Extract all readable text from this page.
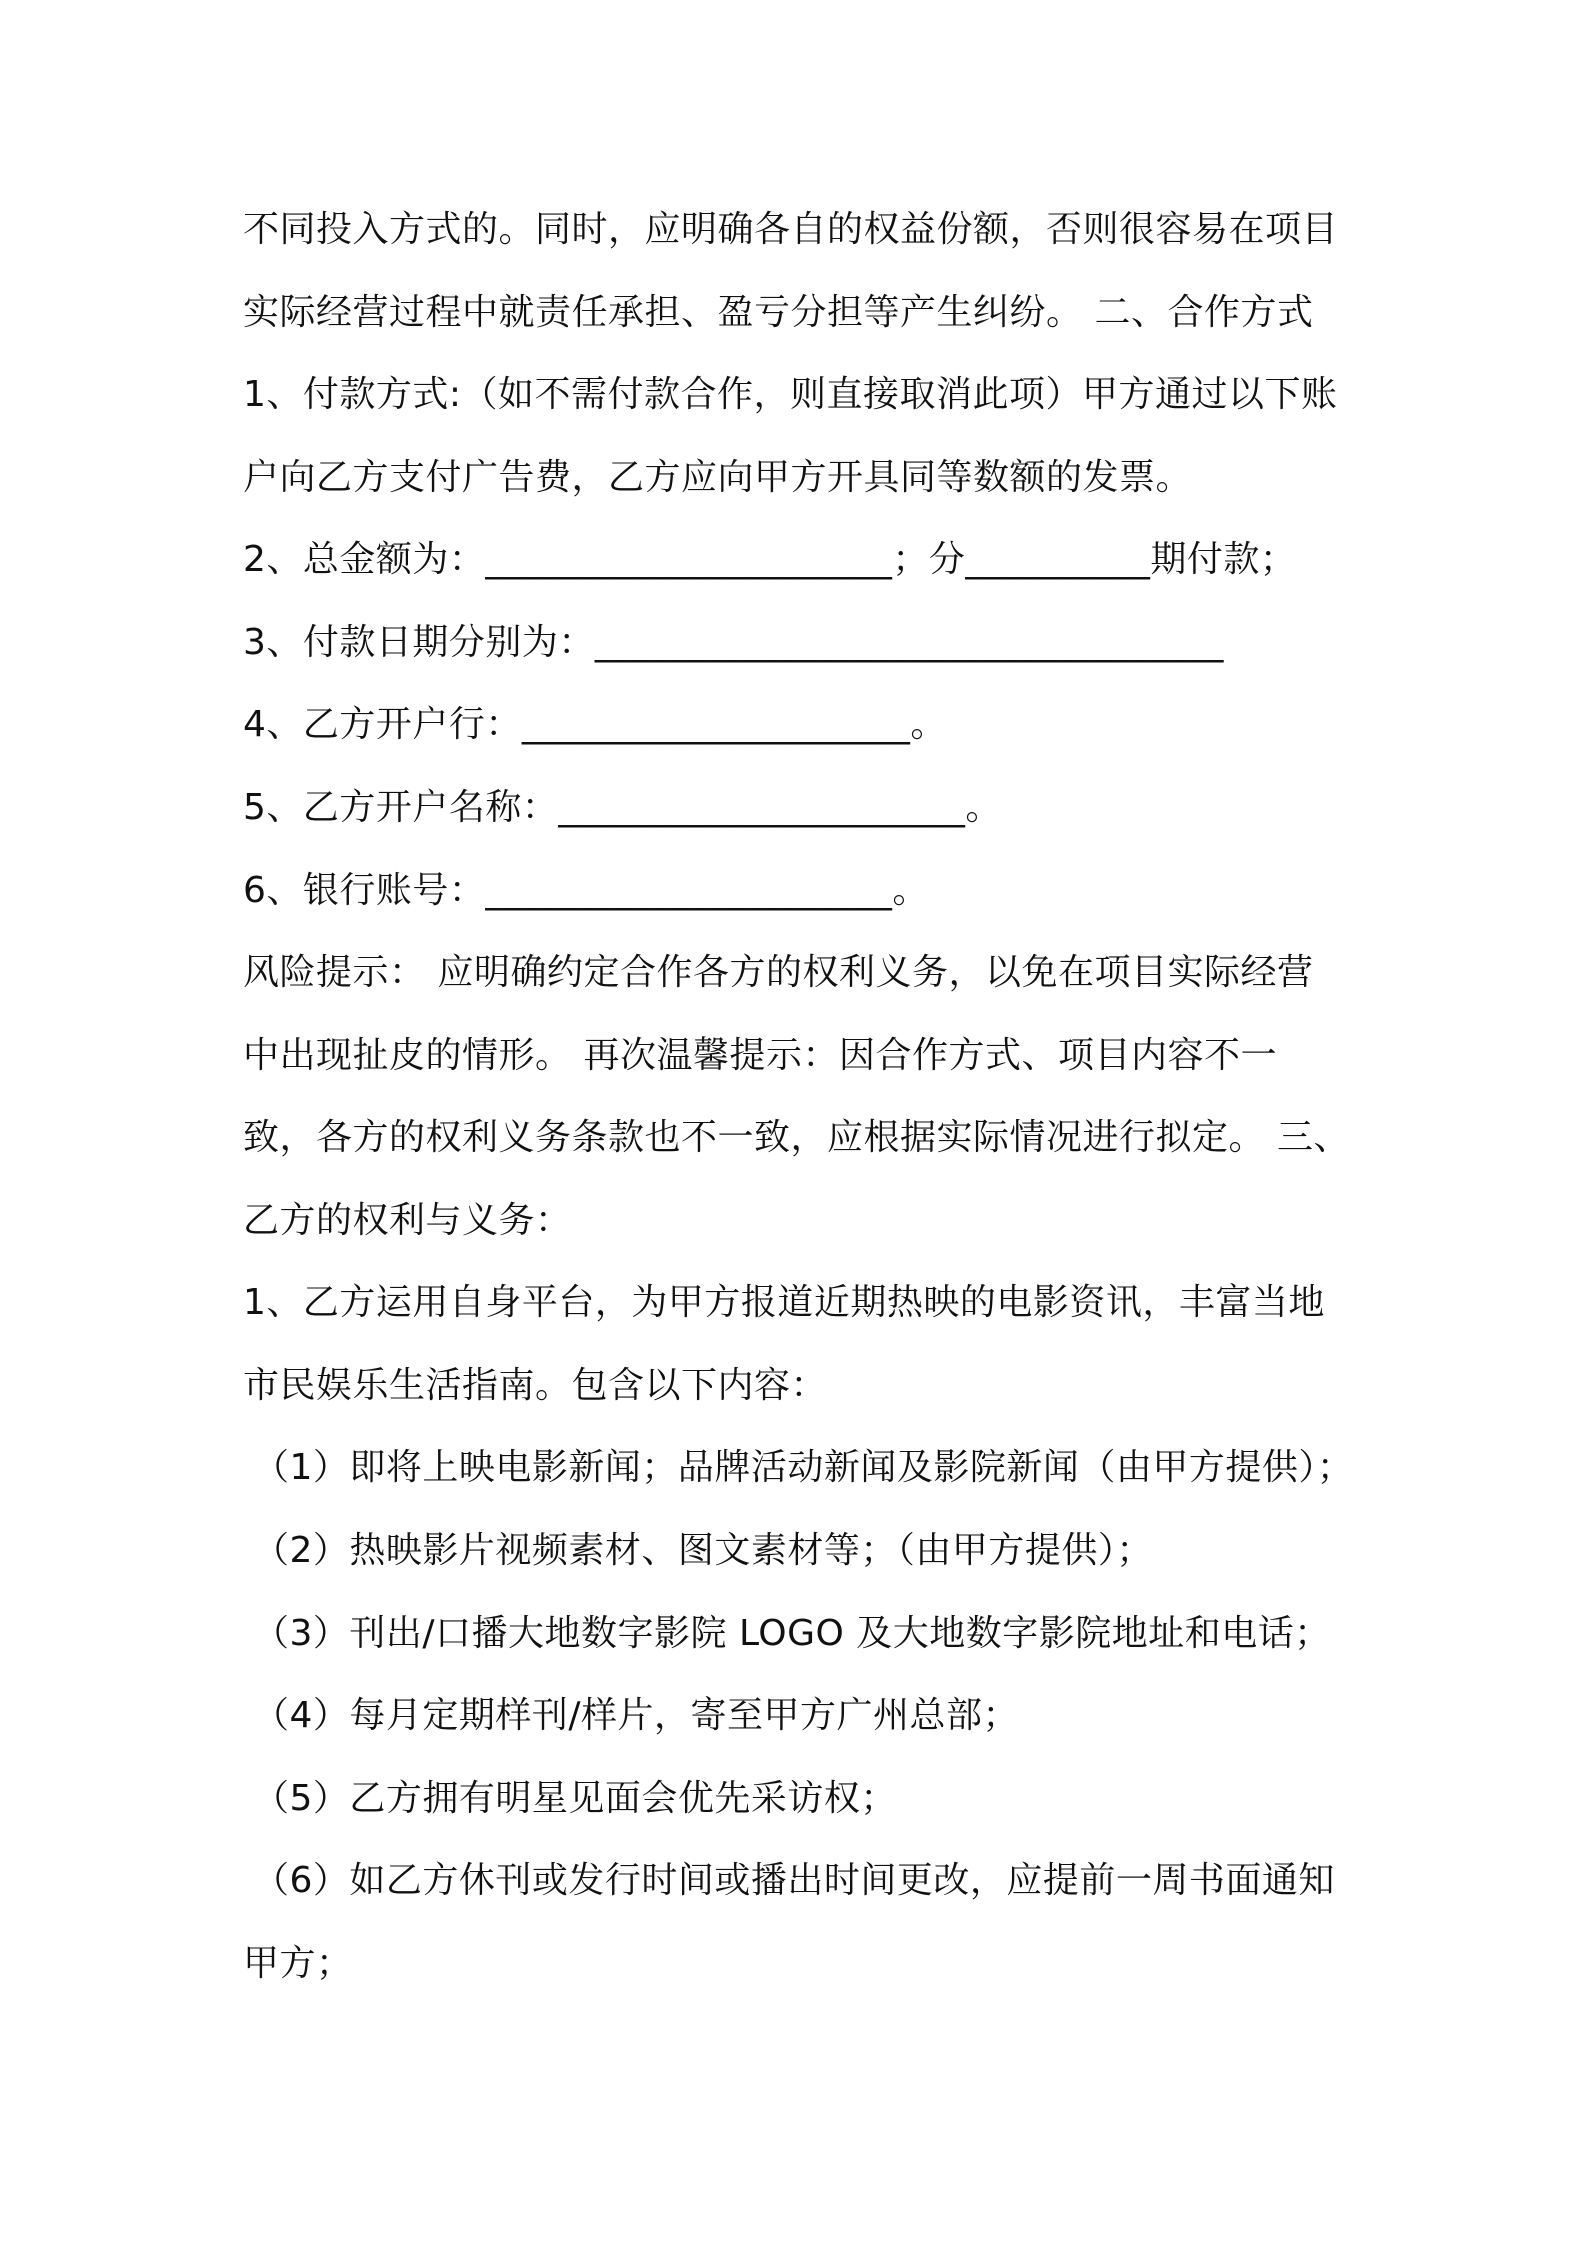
不同投入方式的。同时，应明确各自的权益份额，否则很容易在项目
实际经营过程中就责任承担、盈亏分担等产生纠纷。 二、合作方式
1、付款方式:（如不需付款合作，则直接取消此项）甲方通过以下账
户向乙方支付广告费，乙方应向甲方开具同等数额的发票。
2、总金额为：______________________；分__________期付款；
3、付款日期分别为：__________________________________
4、乙方开户行：_____________________。
5、乙方开户名称：______________________。
6、银行账号：______________________。
风险提示： 应明确约定合作各方的权利义务，以免在项目实际经营
中出现扯皮的情形。 再次温馨提示：因合作方式、项目内容不一
致，各方的权利义务条款也不一致，应根据实际情况进行拟定。 三、
乙方的权利与义务：
1、乙方运用自身平台，为甲方报道近期热映的电影资讯，丰富当地
市民娱乐生活指南。包含以下内容：
（1）即将上映电影新闻；品牌活动新闻及影院新闻（由甲方提供）；
（2）热映影片视频素材、图文素材等；（由甲方提供）；
（3）刊出/口播大地数字影院 LOGO 及大地数字影院地址和电话；
（4）每月定期样刊/样片，寄至甲方广州总部；
（5）乙方拥有明星见面会优先采访权；
（6）如乙方休刊或发行时间或播出时间更改，应提前一周书面通知
甲方；
